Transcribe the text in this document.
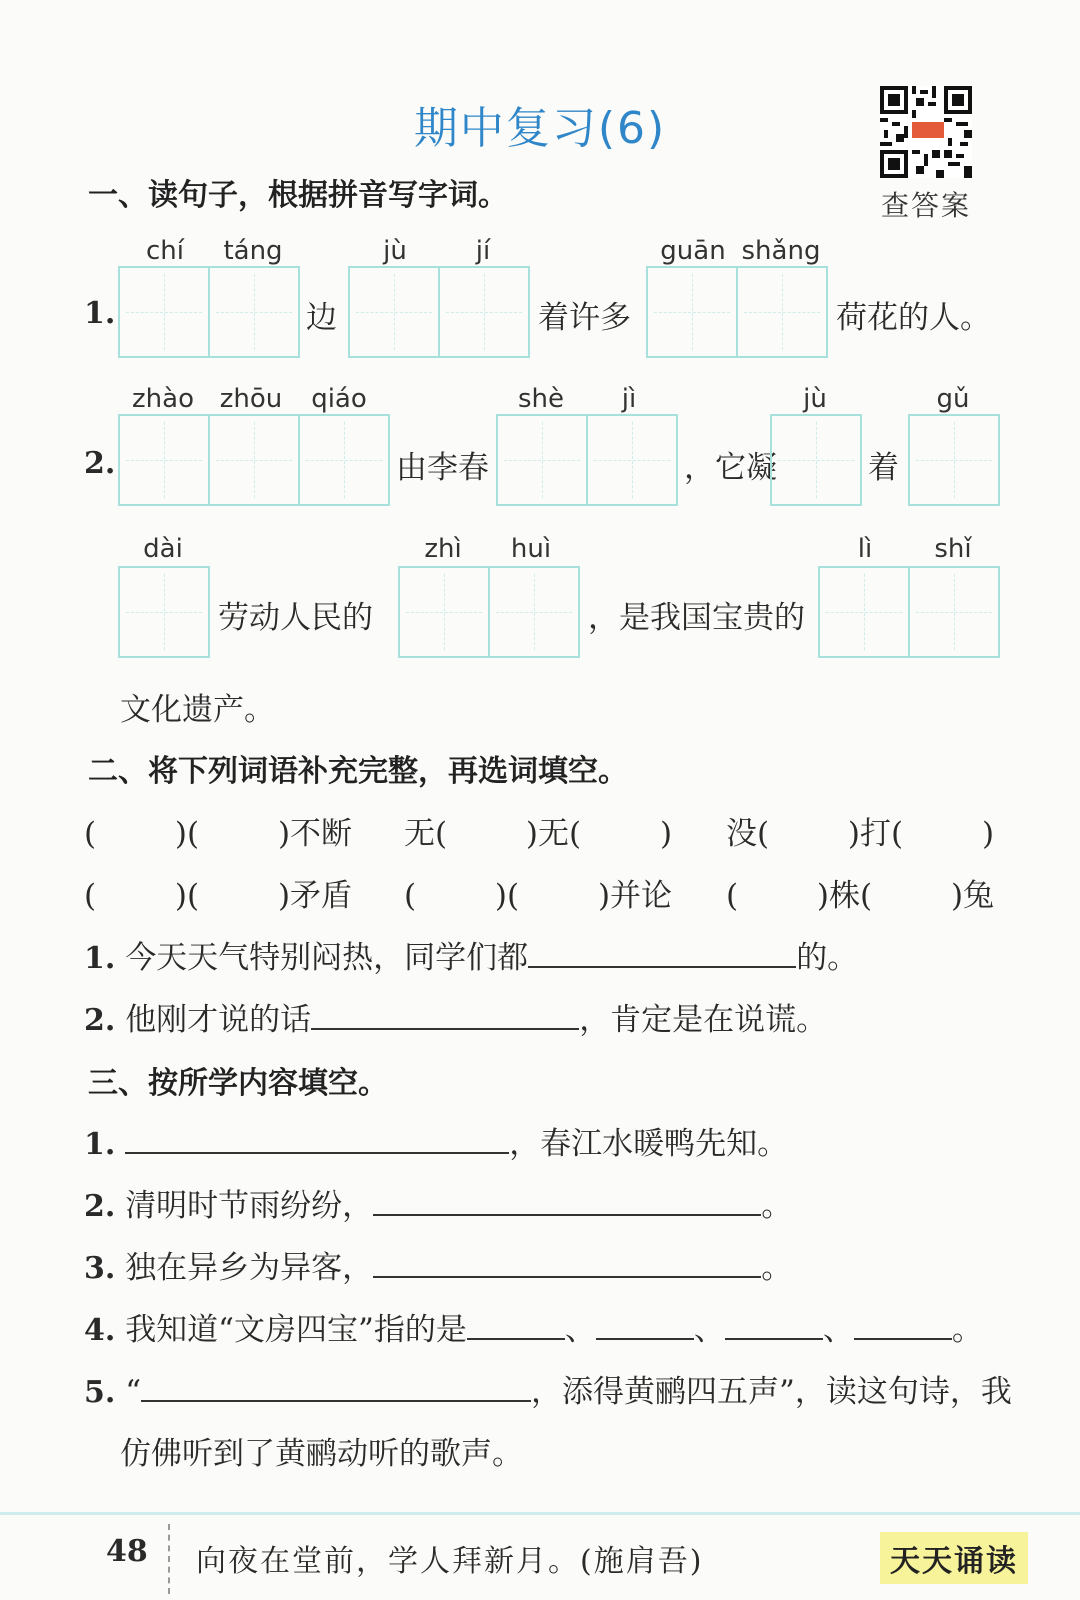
期中复习(6)
查答案
一、读句子，根据拼音写字词。
chí	táng	jù	jí	guān shǎng
1.	边	着许多	荷花的人。
zhào zhōu	qiáo	shè	jì	jù	gǔ
2.	由李春	，它凝	着
dài	zhì	huì	lì	shǐ
劳动人民的	，是我国宝贵的
文化遗产。
二、将下列词语补充完整，再选词填空。
(        )(        )不断 无(        )无(        ) 没(        )打(        )
(        )(        )矛盾 (        )(        )并论 (        )株(        )兔
1. 今天天气特别闷热，同学们都	的。
2. 他刚才说的话	，肯定是在说谎。
三、按所学内容填空。
1.	，春江水暖鸭先知。
2. 清明时节雨纷纷，	。
3. 独在异乡为异客，	。
4. 我知道“文房四宝”指的是	、	、	、	。
5. “	，添得黄鹂四五声”，读这句诗，我
仿佛听到了黄鹂动听的歌声。
48 向夜在堂前，学人拜新月。(施肩吾)	天天诵读
